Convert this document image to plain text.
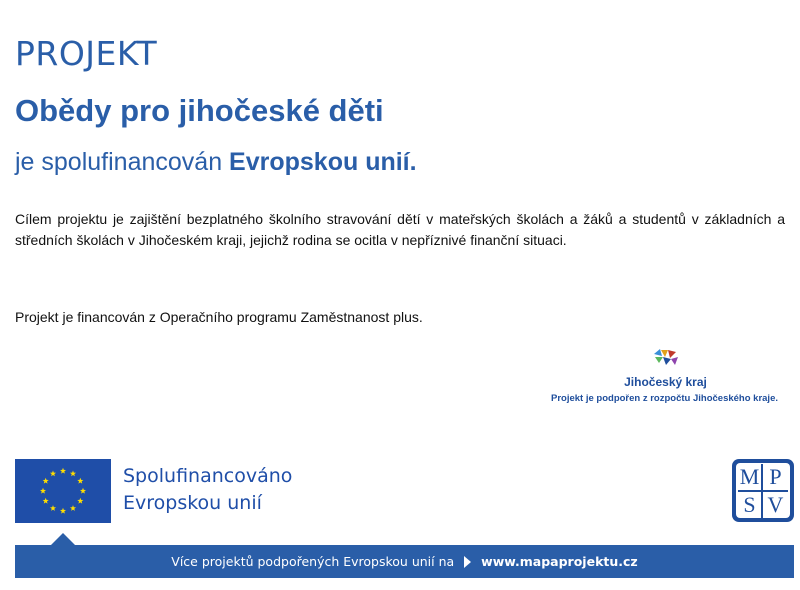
PROJEKT
Obědy pro jihočeské děti
je spolufinancován Evropskou unií.
Cílem projektu je zajištění bezplatného školního stravování dětí v mateřských školách a žáků a studentů v základních a středních školách v Jihočeském kraji, jejichž rodina se ocitla v nepříznivé finanční situaci.
Projekt je financován z Operačního programu Zaměstnanost plus.
Jihočeský kraj
Projekt je podpořen z rozpočtu Jihočeského kraje.
Spolufinancováno
Evropskou unií
M P
S V
Více projektů podpořených Evropskou unií na www.mapaprojektu.cz
